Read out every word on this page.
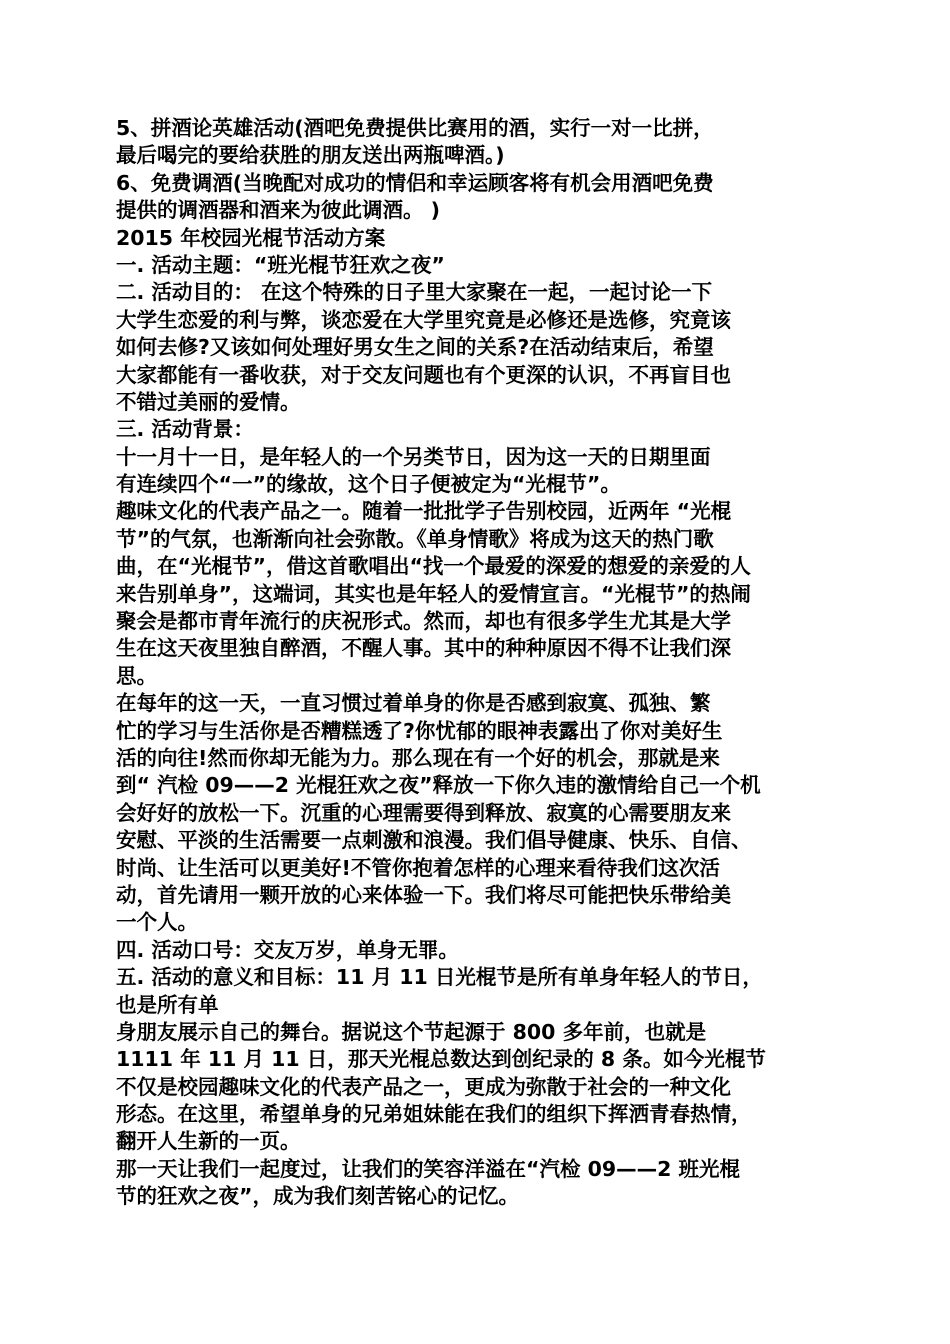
5、拼酒论英雄活动(酒吧免费提供比赛用的酒，实行一对一比拼，
最后喝完的要给获胜的朋友送出两瓶啤酒。)
6、免费调酒(当晚配对成功的情侣和幸运顾客将有机会用酒吧免费
提供的调酒器和酒来为彼此调酒。 )
2015 年校园光棍节活动方案
一. 活动主题：“班光棍节狂欢之夜”
二. 活动目的： 在这个特殊的日子里大家聚在一起，一起讨论一下
大学生恋爱的利与弊，谈恋爱在大学里究竟是必修还是选修，究竟该
如何去修?又该如何处理好男女生之间的关系?在活动结束后，希望
大家都能有一番收获，对于交友问题也有个更深的认识，不再盲目也
不错过美丽的爱情。
三. 活动背景：
十一月十一日，是年轻人的一个另类节日，因为这一天的日期里面
有连续四个“一”的缘故，这个日子便被定为“光棍节”。
趣味文化的代表产品之一。随着一批批学子告别校园，近两年 “光棍
节”的气氛，也渐渐向社会弥散。《单身情歌》将成为这天的热门歌
曲，在“光棍节”，借这首歌唱出“找一个最爱的深爱的想爱的亲爱的人
来告别单身”，这端词，其实也是年轻人的爱情宣言。“光棍节”的热闹
聚会是都市青年流行的庆祝形式。然而，却也有很多学生尤其是大学
生在这天夜里独自醉酒，不醒人事。其中的种种原因不得不让我们深
思。
在每年的这一天，一直习惯过着单身的你是否感到寂寞、孤独、繁
忙的学习与生活你是否糟糕透了?你忧郁的眼神表露出了你对美好生
活的向往!然而你却无能为力。那么现在有一个好的机会，那就是来
到“ 汽检 09——2 光棍狂欢之夜”释放一下你久违的激情给自己一个机
会好好的放松一下。沉重的心理需要得到释放、寂寞的心需要朋友来
安慰、平淡的生活需要一点刺激和浪漫。我们倡导健康、快乐、自信、
时尚、让生活可以更美好!不管你抱着怎样的心理来看待我们这次活
动，首先请用一颗开放的心来体验一下。我们将尽可能把快乐带给美
一个人。
四. 活动口号：交友万岁，单身无罪。
五. 活动的意义和目标：11 月 11 日光棍节是所有单身年轻人的节日，
也是所有单
身朋友展示自己的舞台。据说这个节起源于 800 多年前，也就是
1111 年 11 月 11 日，那天光棍总数达到创纪录的 8 条。如今光棍节
不仅是校园趣味文化的代表产品之一，更成为弥散于社会的一种文化
形态。在这里，希望单身的兄弟姐妹能在我们的组织下挥洒青春热情，
翻开人生新的一页。
那一天让我们一起度过，让我们的笑容洋溢在“汽检 09——2 班光棍
节的狂欢之夜”，成为我们刻苦铭心的记忆。
